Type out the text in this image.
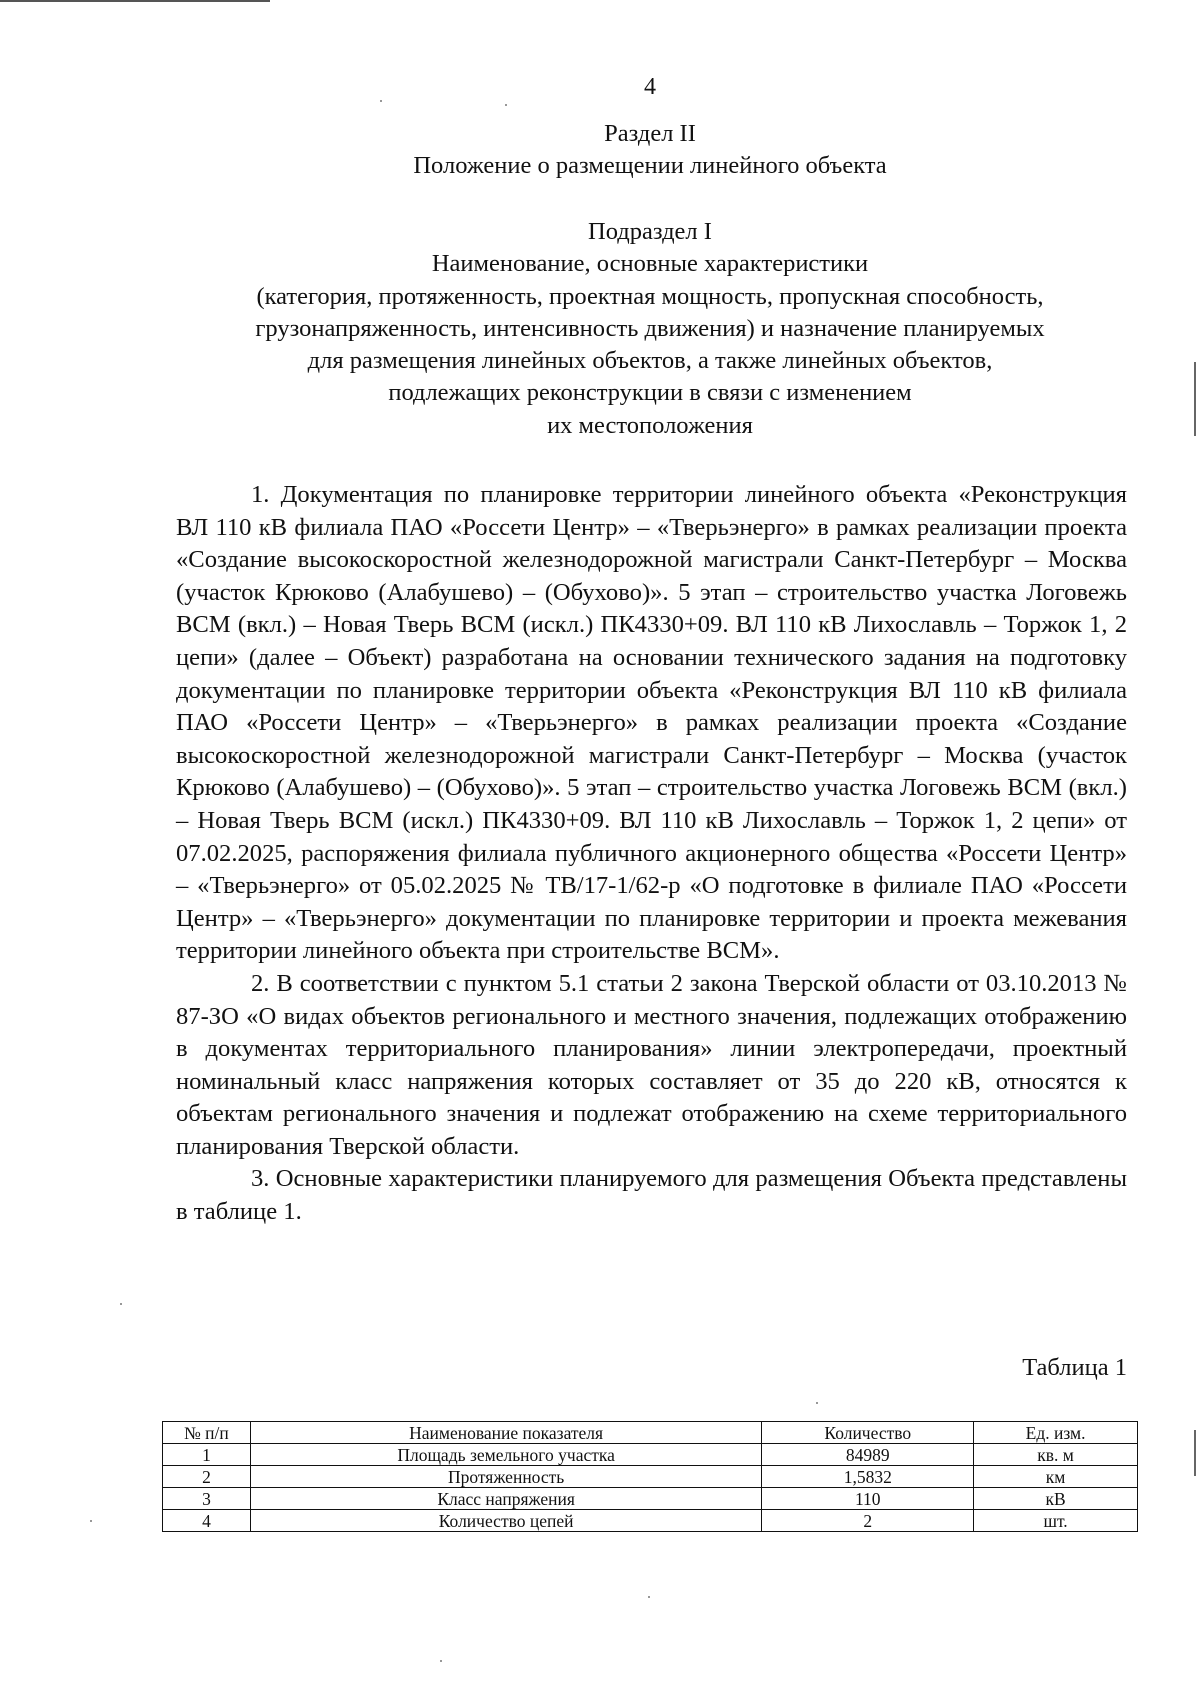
4
Раздел II
Положение о размещении линейного объекта
Подраздел I
Наименование, основные характеристики
(категория, протяженность, проектная мощность, пропускная способность,
грузонапряженность, интенсивность движения) и назначение планируемых
для размещения линейных объектов, а также линейных объектов,
подлежащих реконструкции в связи с изменением
их местоположения

1. Документация по планировке территории линейного объекта «Реконструкция ВЛ 110 кВ филиала ПАО «Россети Центр» – «Тверьэнерго» в рамках реализации проекта «Создание высокоскоростной железнодорожной магистрали Санкт-Петербург – Москва (участок Крюково (Алабушево) – (Обухово)». 5 этап – строительство участка Логовежь ВСМ (вкл.) – Новая Тверь ВСМ (искл.) ПК4330+09. ВЛ 110 кВ Лихославль – Торжок 1, 2 цепи» (далее – Объект) разработана на основании технического задания на подготовку документации по планировке территории объекта «Реконструкция ВЛ 110 кВ филиала ПАО «Россети Центр» – «Тверьэнерго» в рамках реализации проекта «Создание высокоскоростной железнодорожной магистрали Санкт-Петербург – Москва (участок Крюково (Алабушево) – (Обухово)». 5 этап – строительство участка Логовежь ВСМ (вкл.) – Новая Тверь ВСМ (искл.) ПК4330+09. ВЛ 110 кВ Лихославль – Торжок 1, 2 цепи» от 07.02.2025, распоряжения филиала публичного акционерного общества «Россети Центр» – «Тверьэнерго» от 05.02.2025 № ТВ/17-1/62-р «О подготовке в филиале ПАО «Россети Центр» – «Тверьэнерго» документации по планировке территории и проекта межевания территории линейного объекта при строительстве ВСМ».

2. В соответствии с пунктом 5.1 статьи 2 закона Тверской области от 03.10.2013 № 87-ЗО «О видах объектов регионального и местного значения, подлежащих отображению в документах территориального планирования» линии электропередачи, проектный номинальный класс напряжения которых составляет от 35 до 220 кВ, относятся к объектам регионального значения и подлежат отображению на схеме территориального планирования Тверской области.

3. Основные характеристики планируемого для размещения Объекта представлены в таблице 1.

Таблица 1
№ п/п	Наименование показателя	Количество	Ед. изм.
1	Площадь земельного участка	84989	кв. м
2	Протяженность	1,5832	км
3	Класс напряжения	110	кВ
4	Количество цепей	2	шт.
